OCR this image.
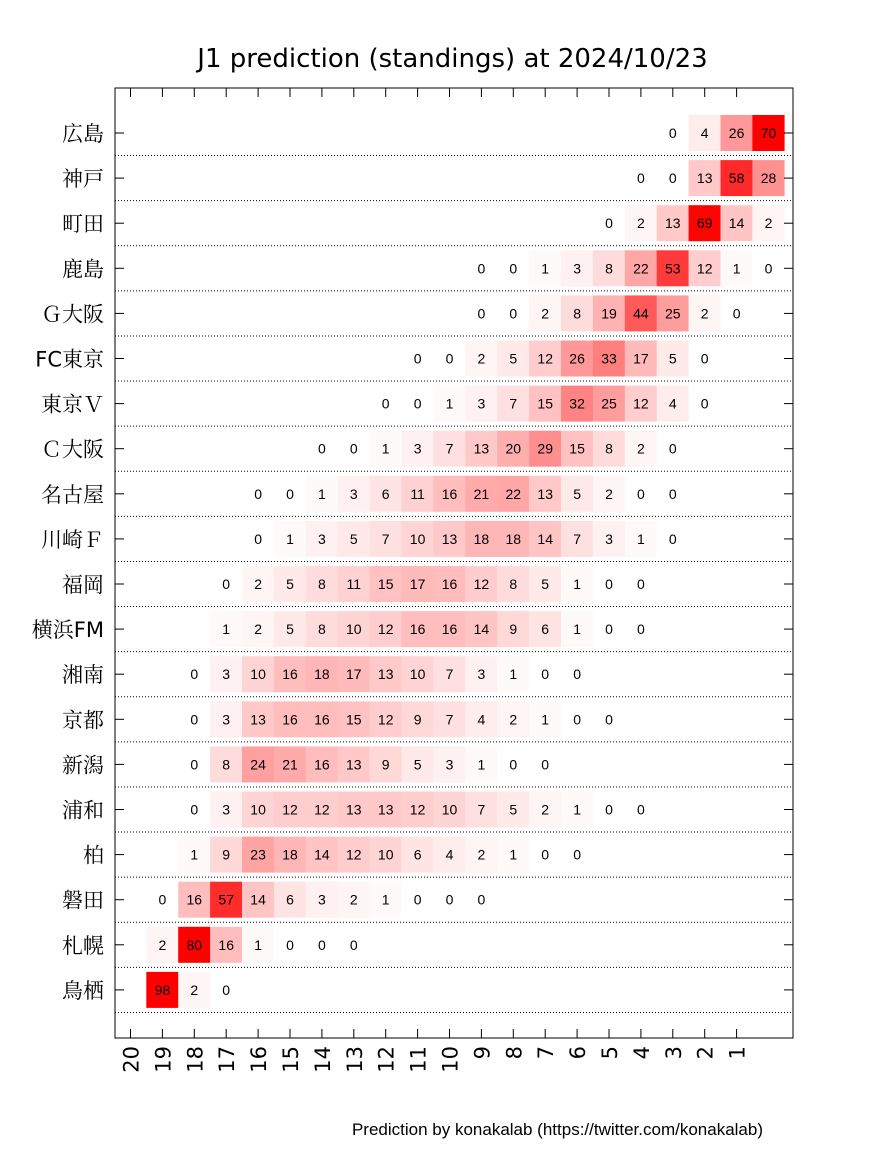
J1 prediction (standings) at 2024/10/23
0 4 26 70
広島
0 0 13 58 28
神戸
0 2 13 69 14 2
町田
0 0 1 3 8 22 53 12 1 0
鹿島
0 0 2 8 19 44 25 2 0
Ｇ大阪
0 0 2 5 12 26 33 17 5 0
FC東京
0 0 1 3 7 15 32 25 12 4 0
東京Ｖ
0 0 1 3 7 13 20 29 15 8 2 0
Ｃ大阪
0 0 1 3 6 11 16 21 22 13 5 2 0 0
名古屋
0 1 3 5 7 10 13 18 18 14 7 3 1 0
川崎Ｆ
0 2 5 8 11 15 17 16 12 8 5 1 0 0
福岡
1 2 5 8 10 12 16 16 14 9 6 1 0 0
横浜FM
0 3 10 16 18 17 13 10 7 3 1 0 0
湘南
0 3 13 16 16 15 12 9 7 4 2 1 0 0
京都
0 8 24 21 16 13 9 5 3 1 0 0
新潟
0 3 10 12 12 13 13 12 10 7 5 2 1 0 0
浦和
1 9 23 18 14 12 10 6 4 2 1 0 0
柏
0 16 57 14 6 3 2 1 0 0 0
磐田
2 80 16 1 0 0 0
札幌
98 2 0
鳥栖
20 19 18 17 16 15 14 13 12 11 10 9 8 7 6 5 4 3 2 1
Prediction by konakalab (https://twitter.com/konakalab)
